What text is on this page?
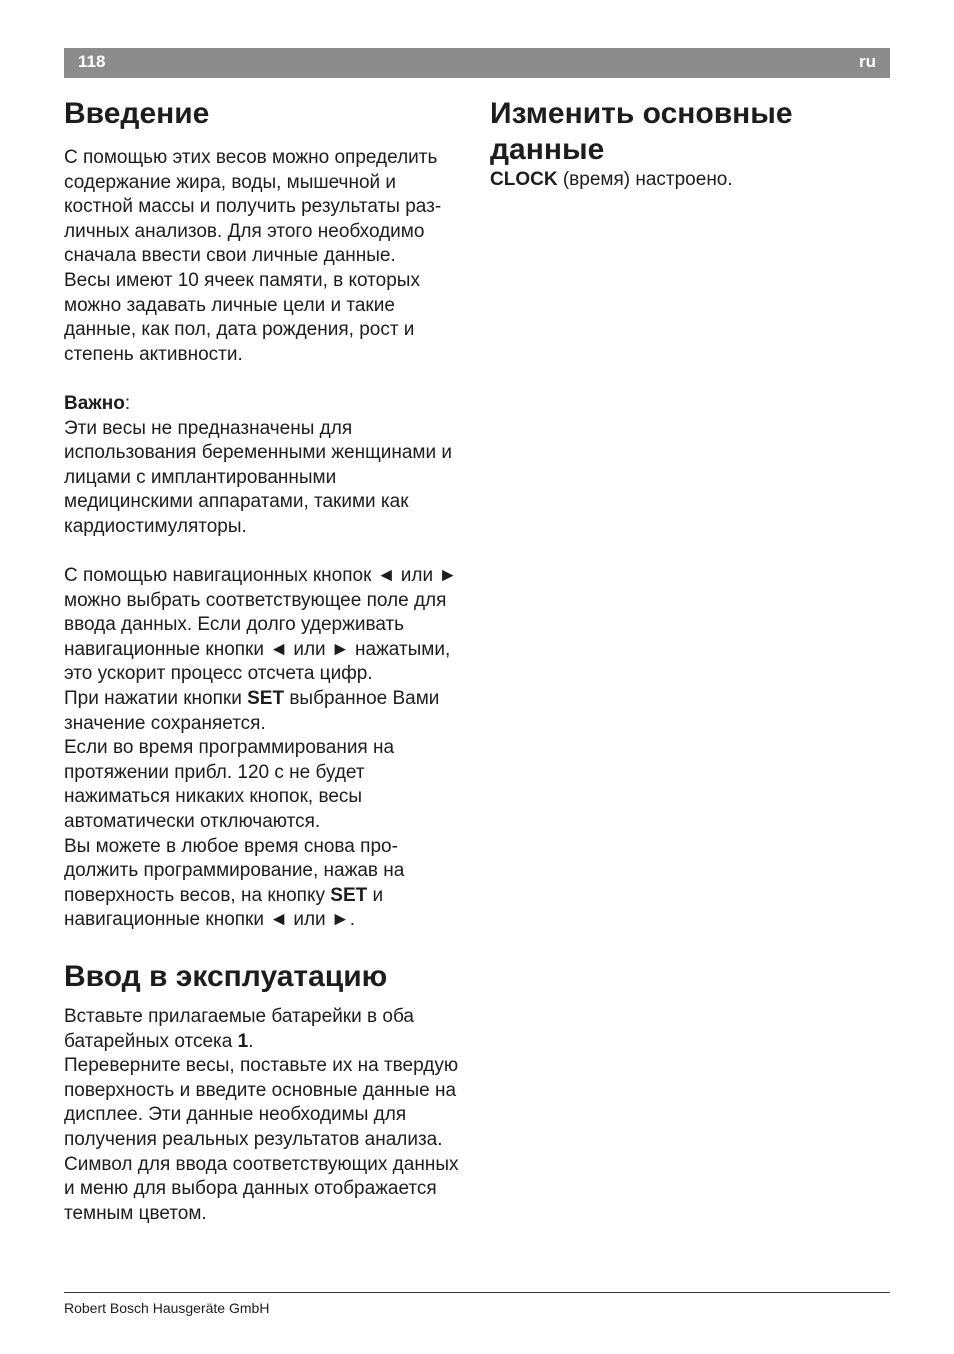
118	ru
Введение

С помощью этих весов можно определить содержание жира, воды, мышечной и костной массы и получить результаты различных анализов. Для этого необходимо сначала ввести свои личные данные.

Весы имеют 10 ячеек памяти, в которых можно задавать личные цели и такие данные, как пол, дата рождения, рост и степень активности.

Важно:

Эти весы не предназначены для использования беременными женщинами и лицами с имплантированными медицинскими аппаратами, такими как кардиостимуляторы.

С помощью навигационных кнопок ◄ или ► можно выбрать соответствующее поле для ввода данных. Если долго удерживать навигационные кнопки ◄ или ► нажатыми, это ускорит процесс отсчета цифр.

При нажатии кнопки SET выбранное Вами значение сохраняется.

Если во время программирования на протяжении прибл. 120 с не будет нажиматься никаких кнопок, весы автоматически отключаются.

Вы можете в любое время снова продолжить программирование, нажав на поверхность весов, на кнопку SET и навигационные кнопки ◄ или ►.

Ввод в эксплуатацию

Вставьте прилагаемые батарейки в оба батарейных отсека 1.

Переверните весы, поставьте их на твердую поверхность и введите основные данные на дисплее. Эти данные необходимы для получения реальных результатов анализа. Символ для ввода соответствующих данных и меню для выбора данных отображается темным цветом.

Изменить основные данные

CLOCK (время) настроено.

Robert Bosch Hausgeräte GmbH
